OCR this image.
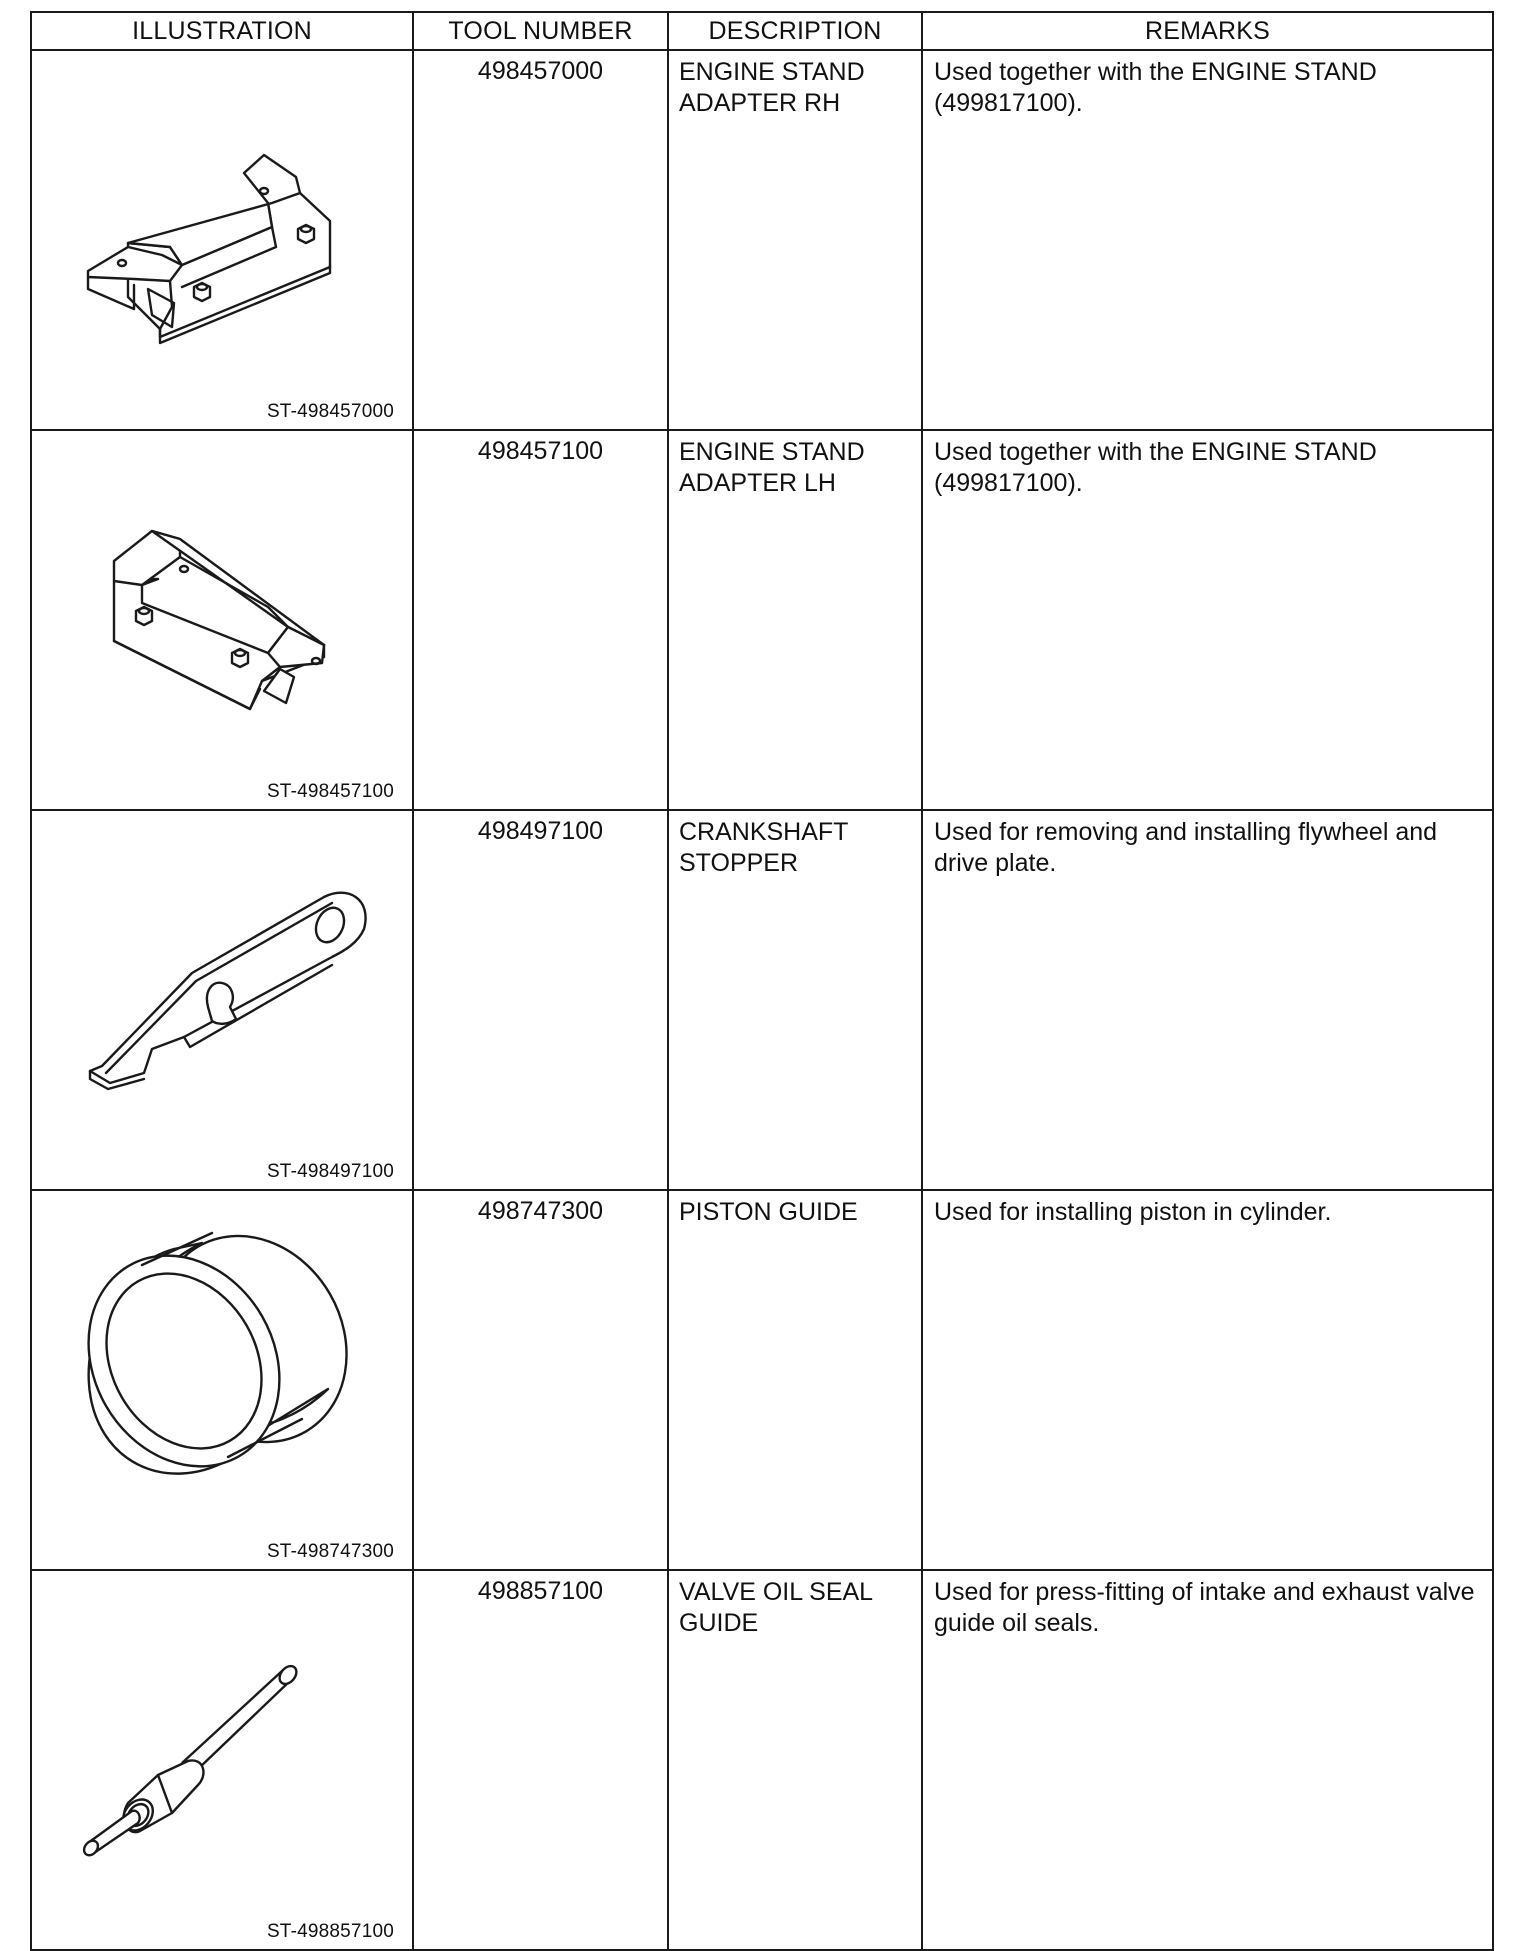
ILLUSTRATION	TOOL NUMBER	DESCRIPTION	REMARKS

ST-498457000	498457000	ENGINE STAND ADAPTER RH	Used together with the ENGINE STAND (499817100).

ST-498457100	498457100	ENGINE STAND ADAPTER LH	Used together with the ENGINE STAND (499817100).

ST-498497100	498497100	CRANKSHAFT STOPPER	Used for removing and installing flywheel and drive plate.

ST-498747300	498747300	PISTON GUIDE	Used for installing piston in cylinder.

ST-498857100	498857100	VALVE OIL SEAL GUIDE	Used for press-fitting of intake and exhaust valve guide oil seals.
